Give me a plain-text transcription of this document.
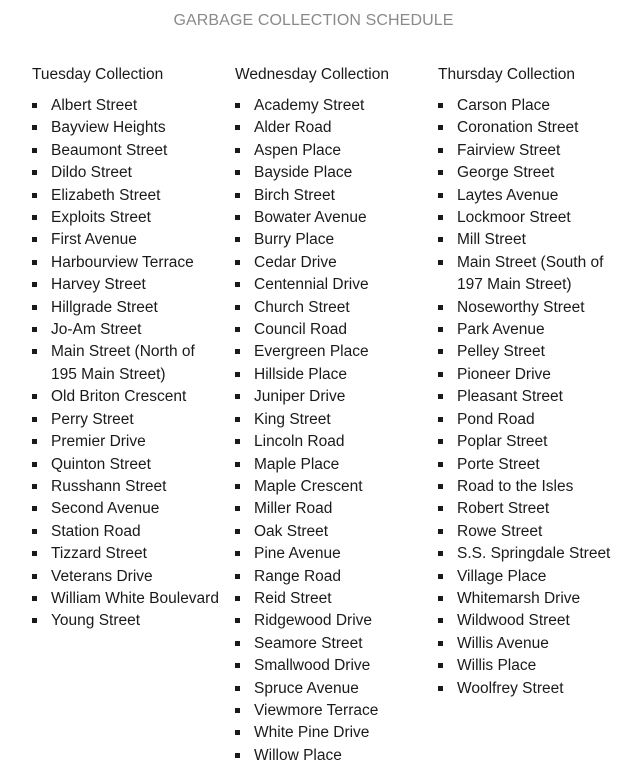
GARBAGE COLLECTION SCHEDULE
Tuesday Collection
Albert Street
Bayview Heights
Beaumont Street
Dildo Street
Elizabeth Street
Exploits Street
First Avenue
Harbourview Terrace
Harvey Street
Hillgrade Street
Jo-Am Street
Main Street (North of 195 Main Street)
Old Briton Crescent
Perry Street
Premier Drive
Quinton Street
Russhann Street
Second Avenue
Station Road
Tizzard Street
Veterans Drive
William White Boulevard
Young Street
Wednesday Collection
Academy Street
Alder Road
Aspen Place
Bayside Place
Birch Street
Bowater Avenue
Burry Place
Cedar Drive
Centennial Drive
Church Street
Council Road
Evergreen Place
Hillside Place
Juniper Drive
King Street
Lincoln Road
Maple Place
Maple Crescent
Miller Road
Oak Street
Pine Avenue
Range Road
Reid Street
Ridgewood Drive
Seamore Street
Smallwood Drive
Spruce Avenue
Viewmore Terrace
White Pine Drive
Willow Place
Thursday Collection
Carson Place
Coronation Street
Fairview Street
George Street
Laytes Avenue
Lockmoor Street
Mill Street
Main Street (South of 197 Main Street)
Noseworthy Street
Park Avenue
Pelley Street
Pioneer Drive
Pleasant Street
Pond Road
Poplar Street
Porte Street
Road to the Isles
Robert Street
Rowe Street
S.S. Springdale Street
Village Place
Whitemarsh Drive
Wildwood Street
Willis Avenue
Willis Place
Woolfrey Street
